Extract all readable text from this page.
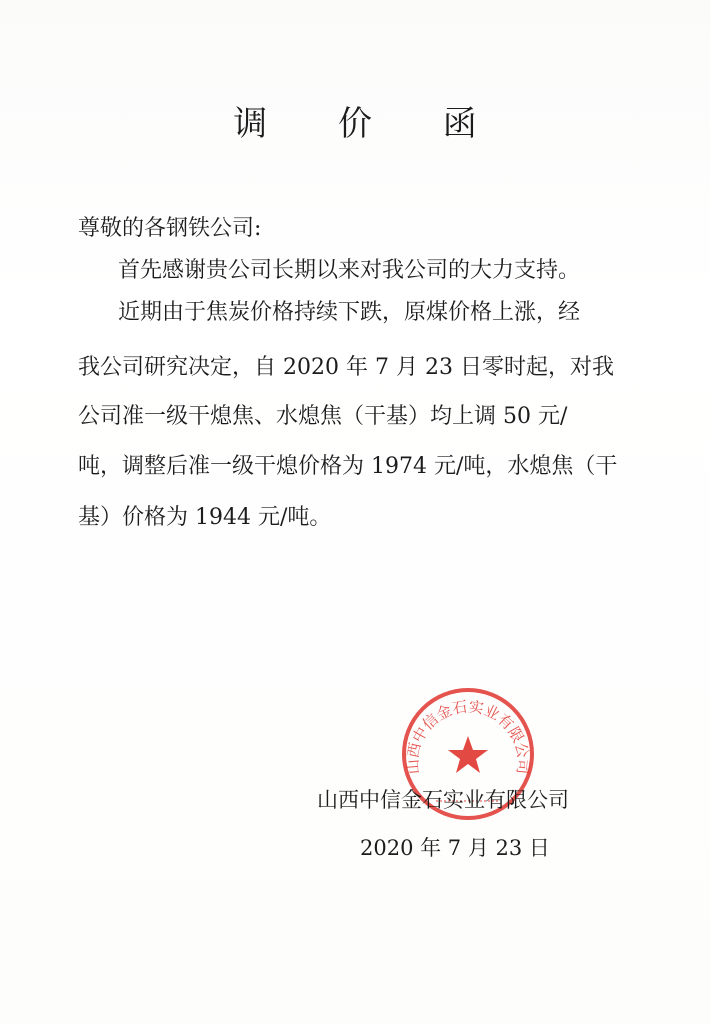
调 价 函
尊敬的各钢铁公司:
首先感谢贵公司长期以来对我公司的大力支持。
近期由于焦炭价格持续下跌，原煤价格上涨，经
我公司研究决定，自 2020 年 7 月 23 日零时起，对我
公司准一级干熄焦、水熄焦（干基）均上调 50 元/
吨，调整后准一级干熄价格为 1974 元/吨，水熄焦（干
基）价格为 1944 元/吨。
山西中信金石实业有限公司
山西中信金石实业有限公司
2020 年 7 月 23 日
